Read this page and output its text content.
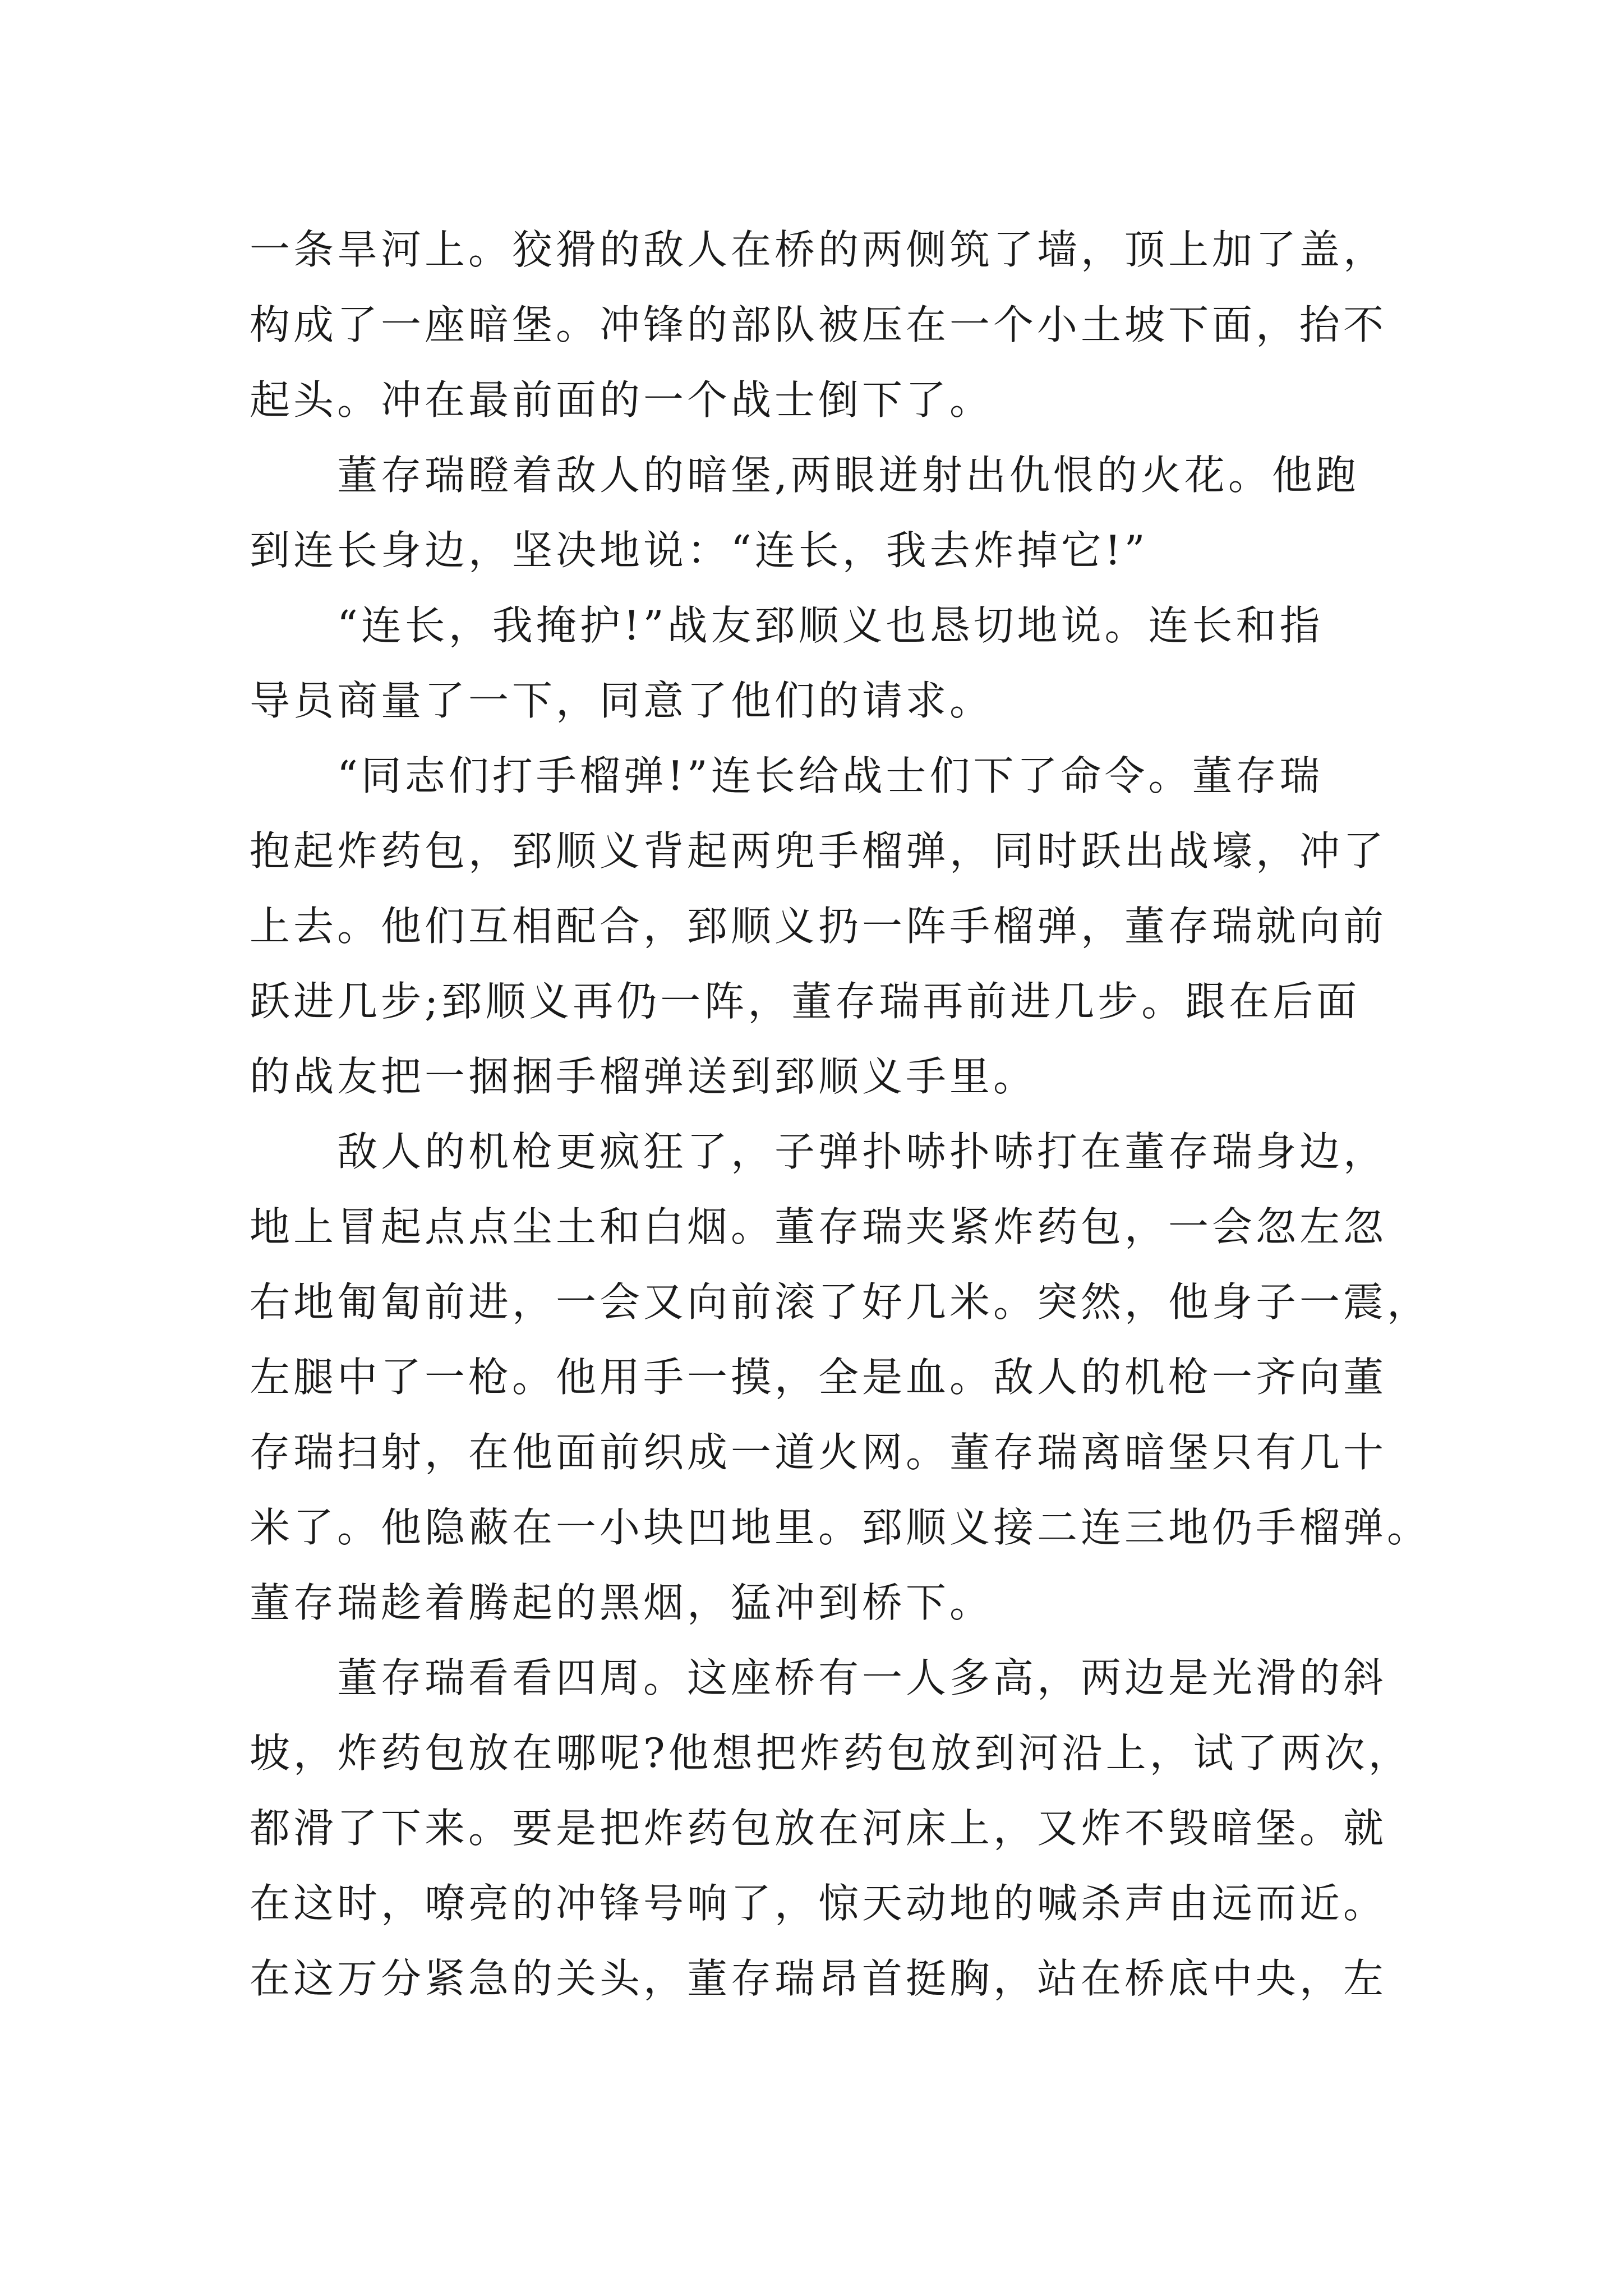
一条旱河上。狡猾的敌人在桥的两侧筑了墙，顶上加了盖，
构成了一座暗堡。冲锋的部队被压在一个小土坡下面，抬不
起头。冲在最前面的一个战士倒下了。
董存瑞瞪着敌人的暗堡,两眼迸射出仇恨的火花。他跑
到连长身边，坚决地说：“连长，我去炸掉它!”
“连长，我掩护!”战友郅顺义也恳切地说。连长和指
导员商量了一下，同意了他们的请求。
“同志们打手榴弹!”连长给战士们下了命令。董存瑞
抱起炸药包，郅顺义背起两兜手榴弹，同时跃出战壕，冲了
上去。他们互相配合，郅顺义扔一阵手榴弹，董存瑞就向前
跃进几步;郅顺义再仍一阵，董存瑞再前进几步。跟在后面
的战友把一捆捆手榴弹送到郅顺义手里。
敌人的机枪更疯狂了，子弹扑哧扑哧打在董存瑞身边，
地上冒起点点尘土和白烟。董存瑞夹紧炸药包，一会忽左忽
右地匍匐前进，一会又向前滚了好几米。突然，他身子一震，
左腿中了一枪。他用手一摸，全是血。敌人的机枪一齐向董
存瑞扫射，在他面前织成一道火网。董存瑞离暗堡只有几十
米了。他隐蔽在一小块凹地里。郅顺义接二连三地仍手榴弹。
董存瑞趁着腾起的黑烟，猛冲到桥下。
董存瑞看看四周。这座桥有一人多高，两边是光滑的斜
坡，炸药包放在哪呢?他想把炸药包放到河沿上，试了两次，
都滑了下来。要是把炸药包放在河床上，又炸不毁暗堡。就
在这时，嘹亮的冲锋号响了，惊天动地的喊杀声由远而近。
在这万分紧急的关头，董存瑞昂首挺胸，站在桥底中央，左
